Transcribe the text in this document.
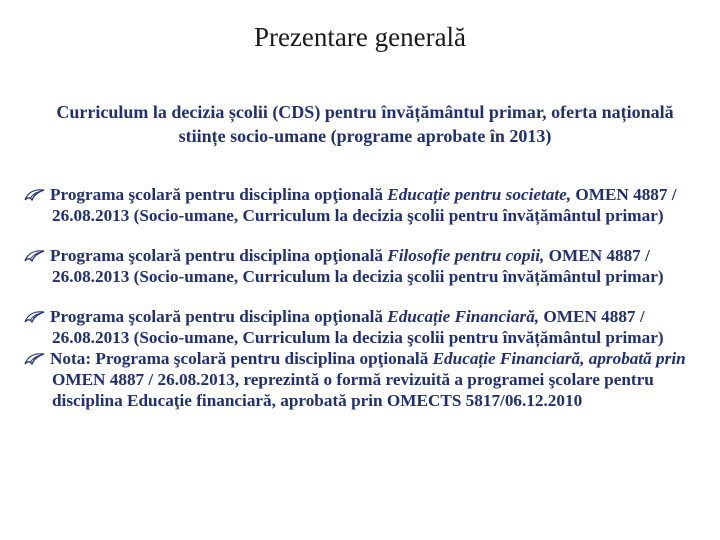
Prezentare generală
Curriculum la decizia școlii (CDS) pentru învățământul primar, oferta națională stiințe socio-umane (programe aprobate în 2013)
Programa şcolară pentru disciplina opţională Educație pentru societate, OMEN 4887 / 26.08.2013 (Socio-umane, Curriculum la decizia şcolii pentru învățământul primar)
Programa şcolară pentru disciplina opţională Filosofie pentru copii, OMEN 4887 / 26.08.2013 (Socio-umane, Curriculum la decizia şcolii pentru învățământul primar)
Programa şcolară pentru disciplina opţională Educație Financiară, OMEN 4887 / 26.08.2013 (Socio-umane, Curriculum la decizia şcolii pentru învățământul primar)
Nota: Programa şcolară pentru disciplina opţională Educație Financiară, aprobată prin OMEN 4887 / 26.08.2013, reprezintă o formă revizuită a programei şcolare pentru disciplina Educaţie financiară, aprobată prin OMECTS 5817/06.12.2010
